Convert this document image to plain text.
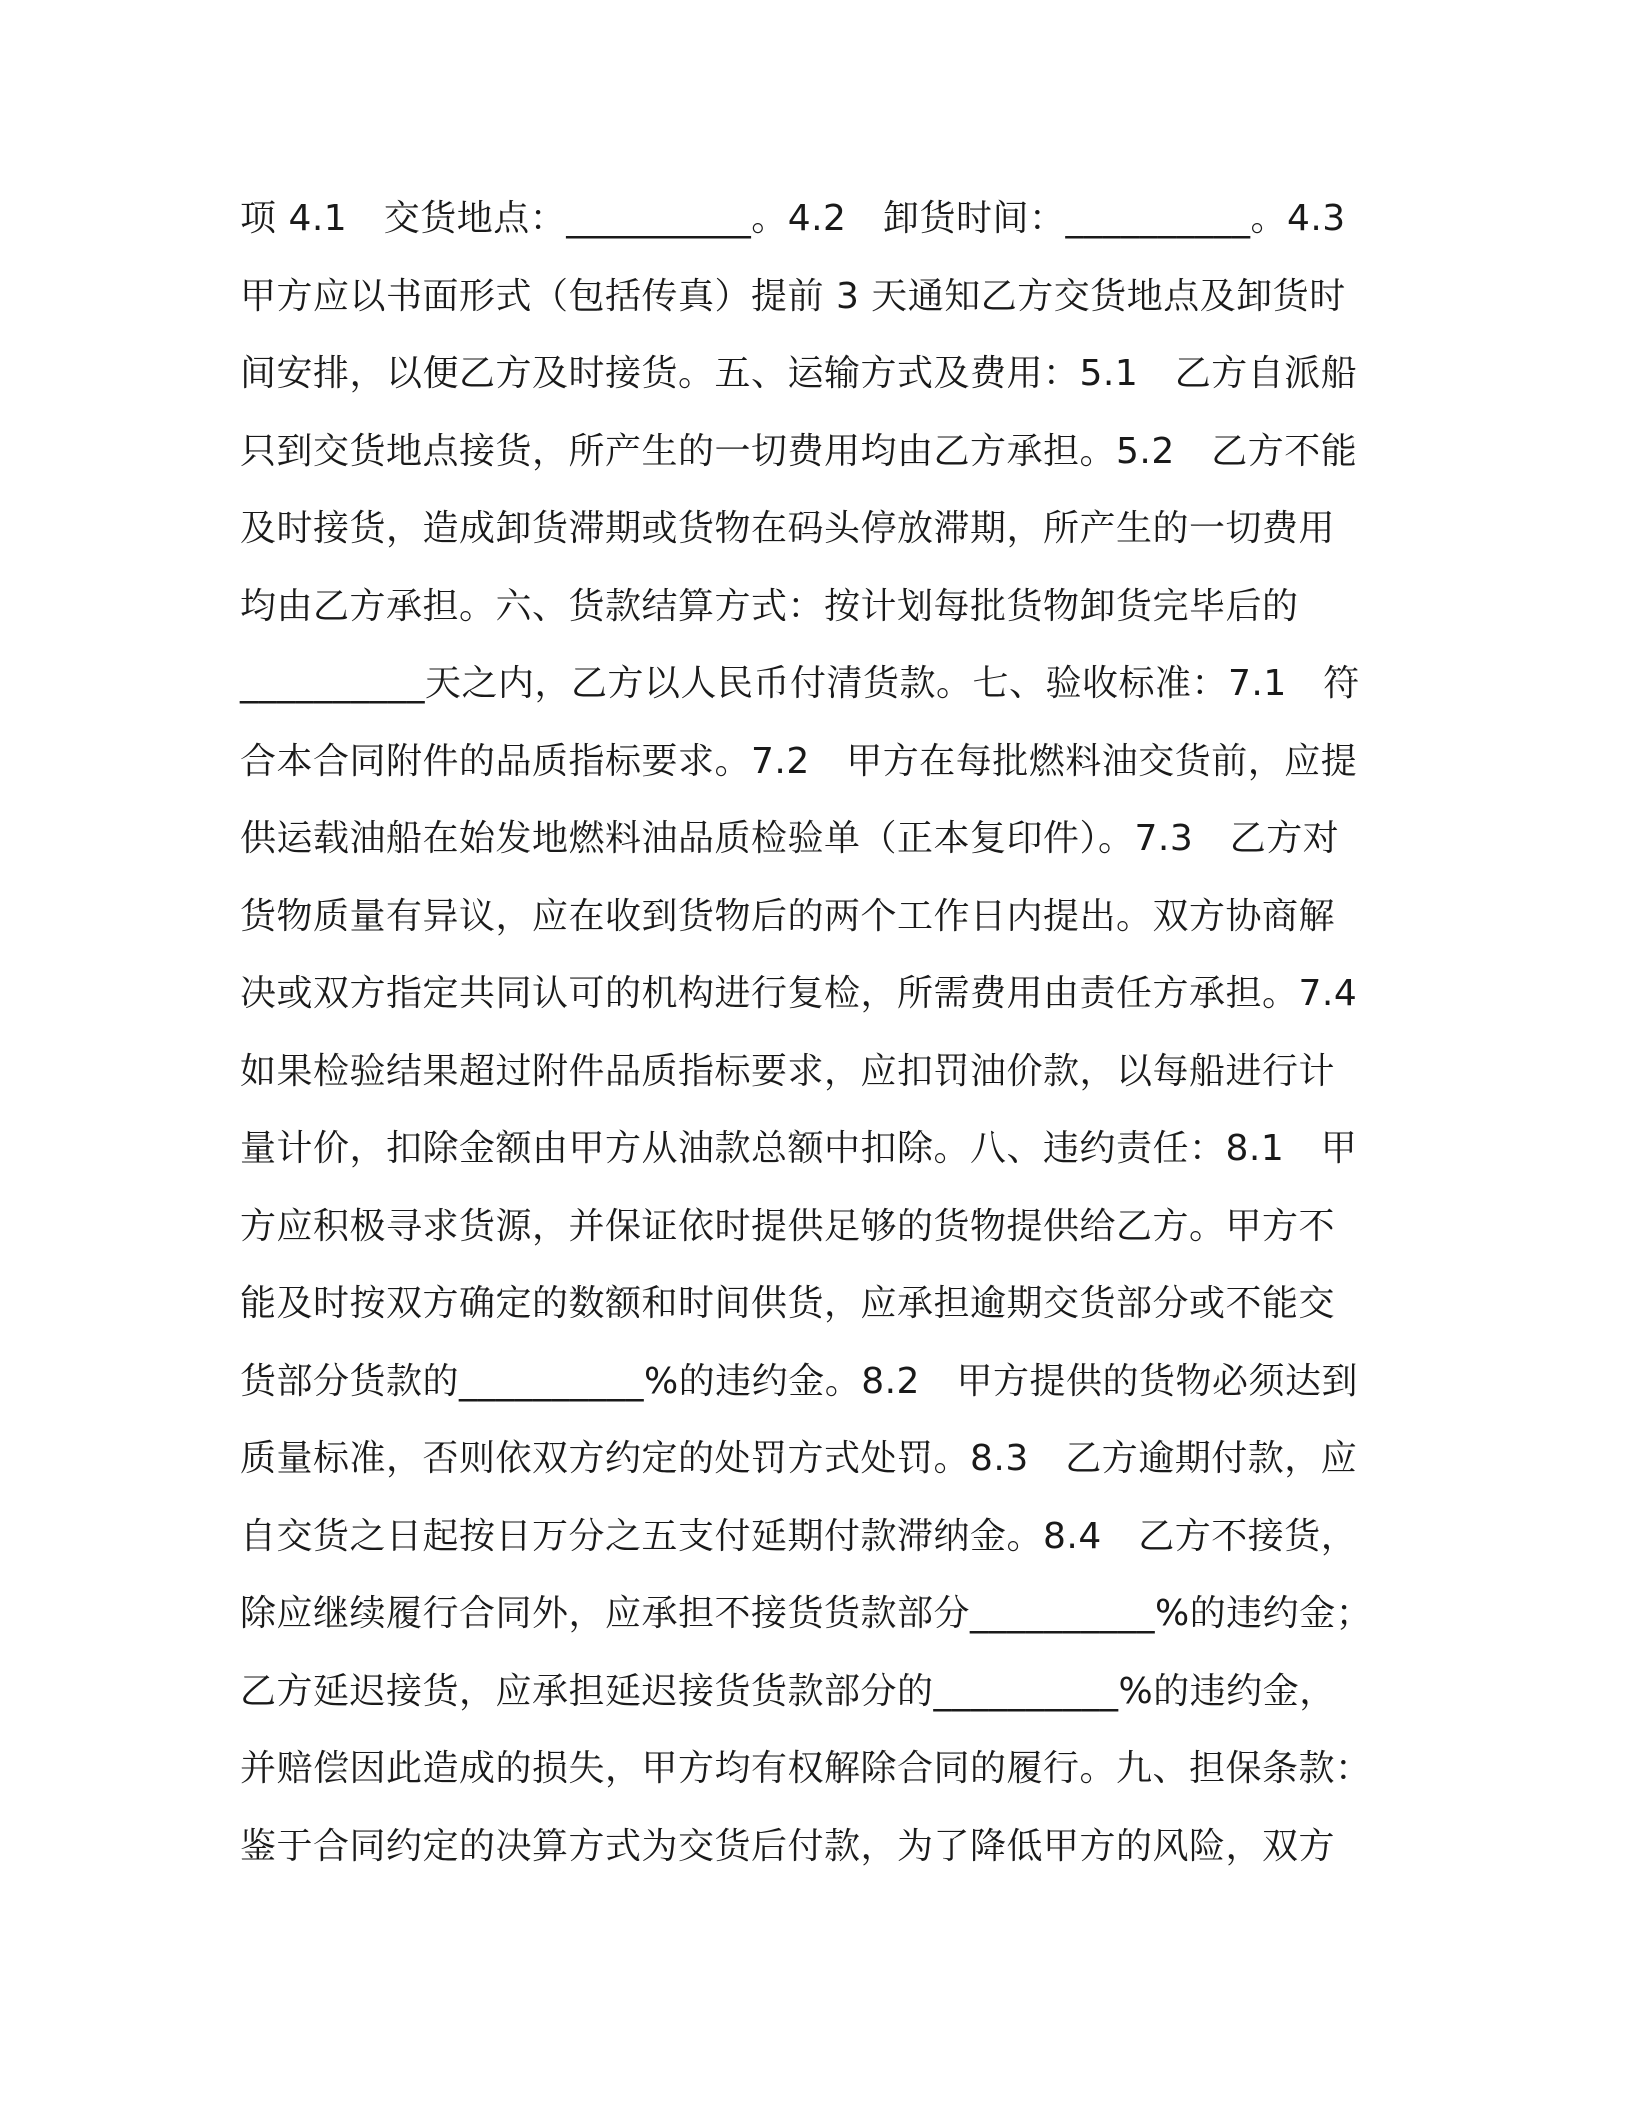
项 4.1　交货地点：__________。4.2　卸货时间：__________。4.3
甲方应以书面形式（包括传真）提前 3 天通知乙方交货地点及卸货时
间安排，以便乙方及时接货。五、运输方式及费用：5.1　乙方自派船
只到交货地点接货，所产生的一切费用均由乙方承担。5.2　乙方不能
及时接货，造成卸货滞期或货物在码头停放滞期，所产生的一切费用
均由乙方承担。六、货款结算方式：按计划每批货物卸货完毕后的
__________天之内，乙方以人民币付清货款。七、验收标准：7.1　符
合本合同附件的品质指标要求。7.2　甲方在每批燃料油交货前，应提
供运载油船在始发地燃料油品质检验单（正本复印件）。7.3　乙方对
货物质量有异议，应在收到货物后的两个工作日内提出。双方协商解
决或双方指定共同认可的机构进行复检，所需费用由责任方承担。7.4
如果检验结果超过附件品质指标要求，应扣罚油价款，以每船进行计
量计价，扣除金额由甲方从油款总额中扣除。八、违约责任：8.1　甲
方应积极寻求货源，并保证依时提供足够的货物提供给乙方。甲方不
能及时按双方确定的数额和时间供货，应承担逾期交货部分或不能交
货部分货款的__________%的违约金。8.2　甲方提供的货物必须达到
质量标准，否则依双方约定的处罚方式处罚。8.3　乙方逾期付款，应
自交货之日起按日万分之五支付延期付款滞纳金。8.4　乙方不接货，
除应继续履行合同外，应承担不接货货款部分__________%的违约金；
乙方延迟接货，应承担延迟接货货款部分的__________%的违约金，
并赔偿因此造成的损失，甲方均有权解除合同的履行。九、担保条款：
鉴于合同约定的决算方式为交货后付款，为了降低甲方的风险，双方
